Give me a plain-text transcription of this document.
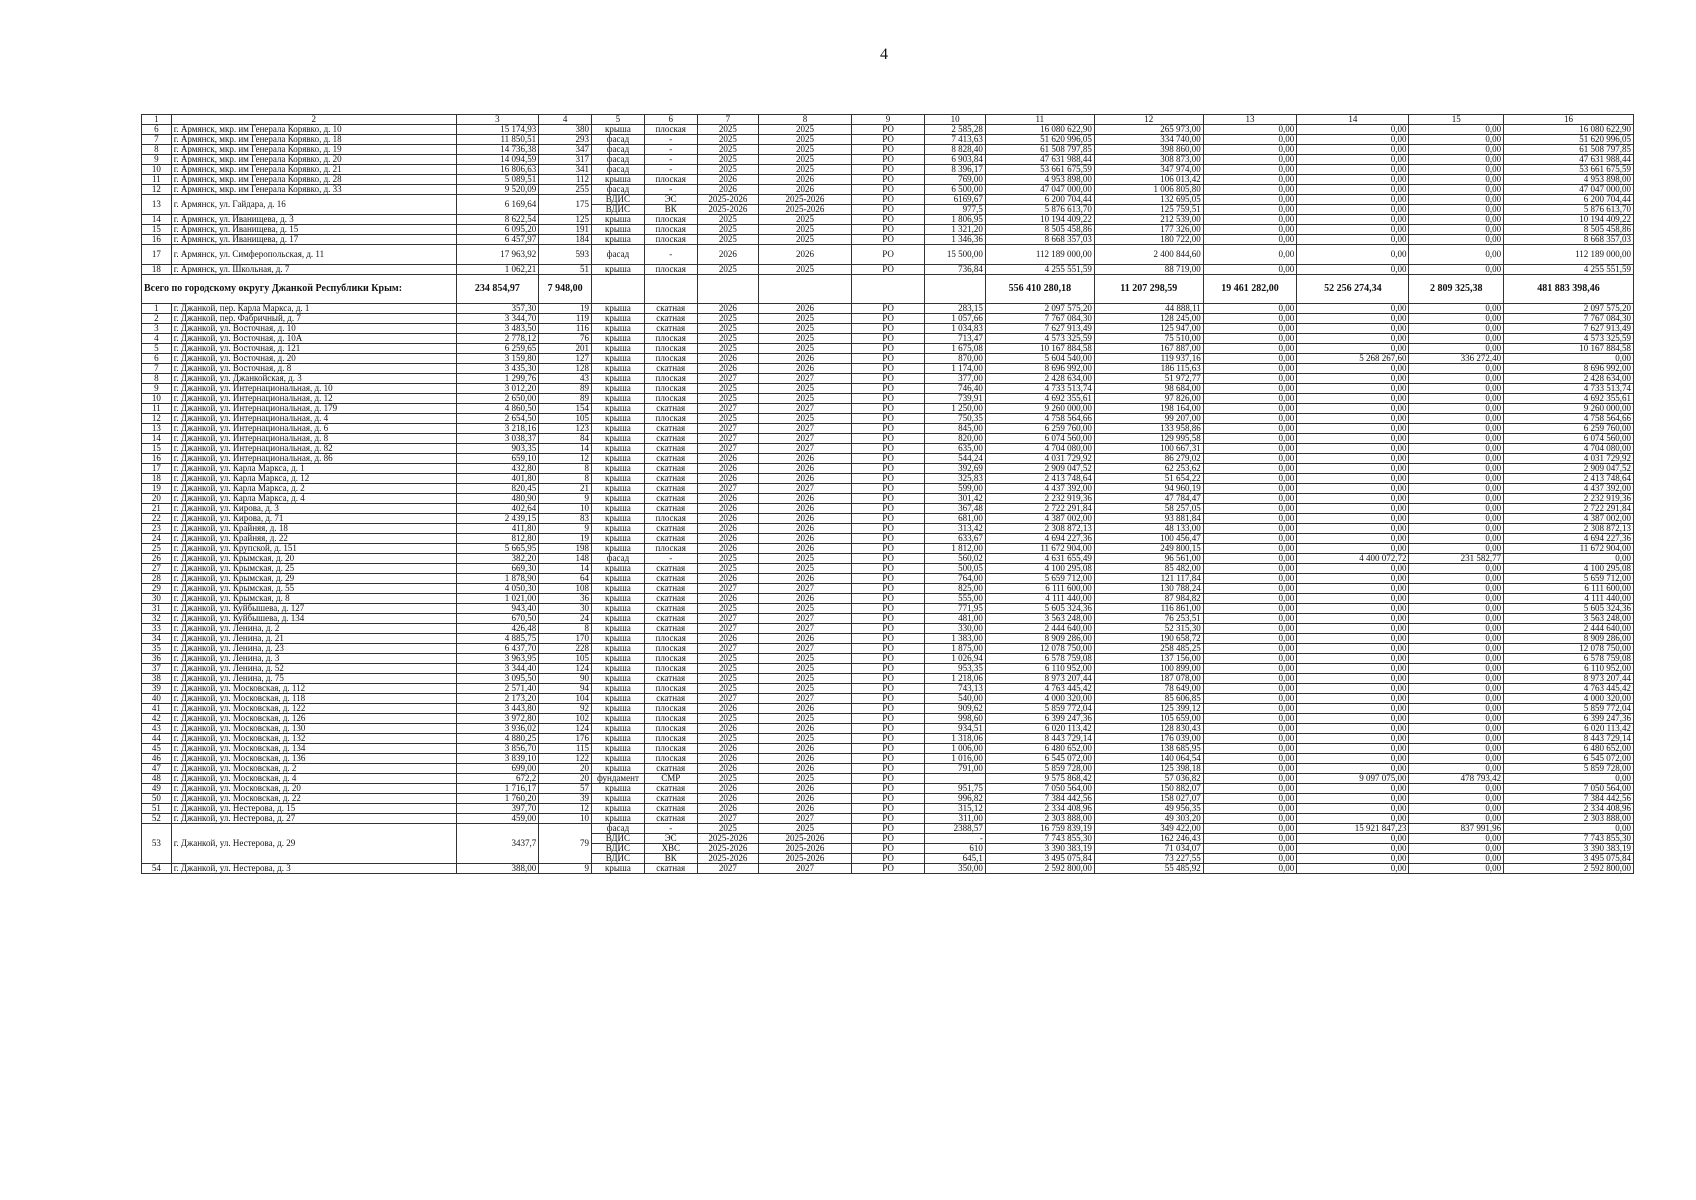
4
1	2	3	4	5	6	7	8	9	10	11	12	13	14	15	16
6	г. Армянск, мкр. им Генерала Корявко, д. 10	15 174,93	380	крыша	плоская	2025	2025	РО	2 585,28	16 080 622,90	265 973,00	0,00	0,00	0,00	16 080 622,90
7	г. Армянск, мкр. им Генерала Корявко, д. 18	11 850,51	293	фасад	-	2025	2025	РО	7 413,63	51 620 996,05	334 740,00	0,00	0,00	0,00	51 620 996,05
8	г. Армянск, мкр. им Генерала Корявко, д. 19	14 736,38	347	фасад	-	2025	2025	РО	8 828,40	61 508 797,85	398 860,00	0,00	0,00	0,00	61 508 797,85
9	г. Армянск, мкр. им Генерала Корявко, д. 20	14 094,59	317	фасад	-	2025	2025	РО	6 903,84	47 631 988,44	308 873,00	0,00	0,00	0,00	47 631 988,44
10	г. Армянск, мкр. им Генерала Корявко, д. 21	16 806,63	341	фасад	-	2025	2025	РО	8 396,17	53 661 675,59	347 974,00	0,00	0,00	0,00	53 661 675,59
11	г. Армянск, мкр. им Генерала Корявко, д. 28	5 089,51	112	крыша	плоская	2026	2026	РО	769,00	4 953 898,00	106 013,42	0,00	0,00	0,00	4 953 898,00
12	г. Армянск, мкр. им Генерала Корявко, д. 33	9 520,09	255	фасад	-	2026	2026	РО	6 500,00	47 047 000,00	1 006 805,80	0,00	0,00	0,00	47 047 000,00
13	г. Армянск, ул. Гайдара, д. 16	6 169,64	175	ВДИС	ЭС	2025-2026	2025-2026	РО	6169,67	6 200 704,44	132 695,05	0,00	0,00	0,00	6 200 704,44
				ВДИС	ВК	2025-2026	2025-2026	РО	977,5	5 876 613,70	125 759,51	0,00	0,00	0,00	5 876 613,70
14	г. Армянск, ул. Иванищева, д. 3	8 622,54	125	крыша	плоская	2025	2025	РО	1 806,95	10 194 409,22	212 539,00	0,00	0,00	0,00	10 194 409,22
15	г. Армянск, ул. Иванищева, д. 15	6 095,20	191	крыша	плоская	2025	2025	РО	1 321,20	8 505 458,86	177 326,00	0,00	0,00	0,00	8 505 458,86
16	г. Армянск, ул. Иванищева, д. 17	6 457,97	184	крыша	плоская	2025	2025	РО	1 346,36	8 668 357,03	180 722,00	0,00	0,00	0,00	8 668 357,03
17	г. Армянск, ул. Симферопольская, д. 11	17 963,92	593	фасад	-	2026	2026	РО	15 500,00	112 189 000,00	2 400 844,60	0,00	0,00	0,00	112 189 000,00
18	г. Армянск, ул. Школьная, д. 7	1 062,21	51	крыша	плоская	2025	2025	РО	736,84	4 255 551,59	88 719,00	0,00	0,00	0,00	4 255 551,59
Всего по городскому округу Джанкой Республики Крым:		234 854,97	7 948,00							556 410 280,18	11 207 298,59	19 461 282,00	52 256 274,34	2 809 325,38	481 883 398,46
1	г. Джанкой, пер. Карла Маркса, д. 1	357,30	19	крыша	скатная	2026	2026	РО	283,15	2 097 575,20	44 888,11	0,00	0,00	0,00	2 097 575,20
2	г. Джанкой, пер. Фабричный, д. 7	3 344,70	119	крыша	скатная	2025	2025	РО	1 057,66	7 767 084,30	128 245,00	0,00	0,00	0,00	7 767 084,30
3	г. Джанкой, ул. Восточная, д. 10	3 483,50	116	крыша	скатная	2025	2025	РО	1 034,83	7 627 913,49	125 947,00	0,00	0,00	0,00	7 627 913,49
4	г. Джанкой, ул. Восточная, д. 10А	2 778,12	76	крыша	плоская	2025	2025	РО	713,47	4 573 325,59	75 510,00	0,00	0,00	0,00	4 573 325,59
5	г. Джанкой, ул. Восточная, д. 121	6 259,65	201	крыша	плоская	2025	2025	РО	1 675,08	10 167 884,58	167 887,00	0,00	0,00	0,00	10 167 884,58
6	г. Джанкой, ул. Восточная, д. 20	3 159,80	127	крыша	плоская	2026	2026	РО	870,00	5 604 540,00	119 937,16	0,00	5 268 267,60	336 272,40	0,00
7	г. Джанкой, ул. Восточная, д. 8	3 435,30	128	крыша	скатная	2026	2026	РО	1 174,00	8 696 992,00	186 115,63	0,00	0,00	0,00	8 696 992,00
8	г. Джанкой, ул. Джанкойская, д. 3	1 299,76	43	крыша	плоская	2027	2027	РО	377,00	2 428 634,00	51 972,77	0,00	0,00	0,00	2 428 634,00
9	г. Джанкой, ул. Интернациональная, д. 10	3 012,20	89	крыша	плоская	2025	2025	РО	746,40	4 733 513,74	98 684,00	0,00	0,00	0,00	4 733 513,74
10	г. Джанкой, ул. Интернациональная, д. 12	2 650,00	89	крыша	плоская	2025	2025	РО	739,91	4 692 355,61	97 826,00	0,00	0,00	0,00	4 692 355,61
11	г. Джанкой, ул. Интернациональная, д. 179	4 860,50	154	крыша	скатная	2027	2027	РО	1 250,00	9 260 000,00	198 164,00	0,00	0,00	0,00	9 260 000,00
12	г. Джанкой, ул. Интернациональная, д. 4	2 654,50	105	крыша	плоская	2025	2025	РО	750,35	4 758 564,66	99 207,00	0,00	0,00	0,00	4 758 564,66
13	г. Джанкой, ул. Интернациональная, д. 6	3 218,16	123	крыша	скатная	2027	2027	РО	845,00	6 259 760,00	133 958,86	0,00	0,00	0,00	6 259 760,00
14	г. Джанкой, ул. Интернациональная, д. 8	3 038,37	84	крыша	скатная	2027	2027	РО	820,00	6 074 560,00	129 995,58	0,00	0,00	0,00	6 074 560,00
15	г. Джанкой, ул. Интернациональная, д. 82	903,35	14	крыша	скатная	2027	2027	РО	635,00	4 704 080,00	100 667,31	0,00	0,00	0,00	4 704 080,00
16	г. Джанкой, ул. Интернациональная, д. 86	659,10	12	крыша	скатная	2026	2026	РО	544,24	4 031 729,92	86 279,02	0,00	0,00	0,00	4 031 729,92
17	г. Джанкой, ул. Карла Маркса, д. 1	432,80	8	крыша	скатная	2026	2026	РО	392,69	2 909 047,52	62 253,62	0,00	0,00	0,00	2 909 047,52
18	г. Джанкой, ул. Карла Маркса, д. 12	401,80	8	крыша	скатная	2026	2026	РО	325,83	2 413 748,64	51 654,22	0,00	0,00	0,00	2 413 748,64
19	г. Джанкой, ул. Карла Маркса, д. 2	820,45	21	крыша	скатная	2027	2027	РО	599,00	4 437 392,00	94 960,19	0,00	0,00	0,00	4 437 392,00
20	г. Джанкой, ул. Карла Маркса, д. 4	480,90	9	крыша	скатная	2026	2026	РО	301,42	2 232 919,36	47 784,47	0,00	0,00	0,00	2 232 919,36
21	г. Джанкой, ул. Кирова, д. 3	402,64	10	крыша	скатная	2026	2026	РО	367,48	2 722 291,84	58 257,05	0,00	0,00	0,00	2 722 291,84
22	г. Джанкой, ул. Кирова, д. 71	2 439,15	83	крыша	плоская	2026	2026	РО	681,00	4 387 002,00	93 881,84	0,00	0,00	0,00	4 387 002,00
23	г. Джанкой, ул. Крайняя, д. 18	411,80	9	крыша	скатная	2026	2026	РО	313,42	2 308 872,13	48 133,00	0,00	0,00	0,00	2 308 872,13
24	г. Джанкой, ул. Крайняя, д. 22	812,80	19	крыша	скатная	2026	2026	РО	633,67	4 694 227,36	100 456,47	0,00	0,00	0,00	4 694 227,36
25	г. Джанкой, ул. Крупской, д. 151	5 665,95	198	крыша	плоская	2026	2026	РО	1 812,00	11 672 904,00	249 800,15	0,00	0,00	0,00	11 672 904,00
26	г. Джанкой, ул. Крымская, д. 20	382,20	148	фасад	-	2025	2025	РО	560,02	4 631 655,49	96 561,00	0,00	4 400 072,72	231 582,77	0,00
27	г. Джанкой, ул. Крымская, д. 25	669,30	14	крыша	скатная	2025	2025	РО	500,05	4 100 295,08	85 482,00	0,00	0,00	0,00	4 100 295,08
28	г. Джанкой, ул. Крымская, д. 29	1 878,90	64	крыша	скатная	2026	2026	РО	764,00	5 659 712,00	121 117,84	0,00	0,00	0,00	5 659 712,00
29	г. Джанкой, ул. Крымская, д. 55	4 050,30	108	крыша	скатная	2027	2027	РО	825,00	6 111 600,00	130 788,24	0,00	0,00	0,00	6 111 600,00
30	г. Джанкой, ул. Крымская, д. 8	1 021,00	36	крыша	скатная	2026	2026	РО	555,00	4 111 440,00	87 984,82	0,00	0,00	0,00	4 111 440,00
31	г. Джанкой, ул. Куйбышева, д. 127	943,40	30	крыша	скатная	2025	2025	РО	771,95	5 605 324,36	116 861,00	0,00	0,00	0,00	5 605 324,36
32	г. Джанкой, ул. Куйбышева, д. 134	670,50	24	крыша	скатная	2027	2027	РО	481,00	3 563 248,00	76 253,51	0,00	0,00	0,00	3 563 248,00
33	г. Джанкой, ул. Ленина, д. 2	426,48	8	крыша	скатная	2027	2027	РО	330,00	2 444 640,00	52 315,30	0,00	0,00	0,00	2 444 640,00
34	г. Джанкой, ул. Ленина, д. 21	4 885,75	170	крыша	плоская	2026	2026	РО	1 383,00	8 909 286,00	190 658,72	0,00	0,00	0,00	8 909 286,00
35	г. Джанкой, ул. Ленина, д. 23	6 437,70	228	крыша	плоская	2027	2027	РО	1 875,00	12 078 750,00	258 485,25	0,00	0,00	0,00	12 078 750,00
36	г. Джанкой, ул. Ленина, д. 3	3 963,95	105	крыша	плоская	2025	2025	РО	1 026,94	6 578 759,08	137 156,00	0,00	0,00	0,00	6 578 759,08
37	г. Джанкой, ул. Ленина, д. 52	3 344,40	124	крыша	плоская	2025	2025	РО	953,35	6 110 952,00	100 899,00	0,00	0,00	0,00	6 110 952,00
38	г. Джанкой, ул. Ленина, д. 75	3 095,50	90	крыша	скатная	2025	2025	РО	1 218,06	8 973 207,44	187 078,00	0,00	0,00	0,00	8 973 207,44
39	г. Джанкой, ул. Московская, д. 112	2 571,40	94	крыша	плоская	2025	2025	РО	743,13	4 763 445,42	78 649,00	0,00	0,00	0,00	4 763 445,42
40	г. Джанкой, ул. Московская, д. 118	2 173,20	104	крыша	скатная	2027	2027	РО	540,00	4 000 320,00	85 606,85	0,00	0,00	0,00	4 000 320,00
41	г. Джанкой, ул. Московская, д. 122	3 443,80	92	крыша	плоская	2026	2026	РО	909,62	5 859 772,04	125 399,12	0,00	0,00	0,00	5 859 772,04
42	г. Джанкой, ул. Московская, д. 126	3 972,80	102	крыша	плоская	2025	2025	РО	998,60	6 399 247,36	105 659,00	0,00	0,00	0,00	6 399 247,36
43	г. Джанкой, ул. Московская, д. 130	3 936,02	124	крыша	плоская	2026	2026	РО	934,51	6 020 113,42	128 830,43	0,00	0,00	0,00	6 020 113,42
44	г. Джанкой, ул. Московская, д. 132	4 880,25	176	крыша	плоская	2025	2025	РО	1 318,06	8 443 729,14	176 039,00	0,00	0,00	0,00	8 443 729,14
45	г. Джанкой, ул. Московская, д. 134	3 856,70	115	крыша	плоская	2026	2026	РО	1 006,00	6 480 652,00	138 685,95	0,00	0,00	0,00	6 480 652,00
46	г. Джанкой, ул. Московская, д. 136	3 839,10	122	крыша	плоская	2026	2026	РО	1 016,00	6 545 072,00	140 064,54	0,00	0,00	0,00	6 545 072,00
47	г. Джанкой, ул. Московская, д. 2	699,00	20	крыша	скатная	2026	2026	РО	791,00	5 859 728,00	125 398,18	0,00	0,00	0,00	5 859 728,00
48	г. Джанкой, ул. Московская, д. 4	672,2	20	фундамент	СМР	2025	2025	РО		9 575 868,42	57 036,82	0,00	9 097 075,00	478 793,42	0,00
49	г. Джанкой, ул. Московская, д. 20	1 716,17	57	крыша	скатная	2026	2026	РО	951,75	7 050 564,00	150 882,07	0,00	0,00	0,00	7 050 564,00
50	г. Джанкой, ул. Московская, д. 22	1 760,20	39	крыша	скатная	2026	2026	РО	996,82	7 384 442,56	158 027,07	0,00	0,00	0,00	7 384 442,56
51	г. Джанкой, ул. Нестерова, д. 15	397,70	12	крыша	скатная	2026	2026	РО	315,12	2 334 408,96	49 956,35	0,00	0,00	0,00	2 334 408,96
52	г. Джанкой, ул. Нестерова, д. 27	459,00	10	крыша	скатная	2027	2027	РО	311,00	2 303 888,00	49 303,20	0,00	0,00	0,00	2 303 888,00
53	г. Джанкой, ул. Нестерова, д. 29	3437,7	79	фасад	-	2025	2025	РО	2388,57	16 759 839,19	349 422,00	0,00	15 921 847,23	837 991,96	0,00
				ВДИС	ЭС	2025-2026	2025-2026	РО	-	7 743 855,30	162 246,43	0,00	0,00	0,00	7 743 855,30
				ВДИС	ХВС	2025-2026	2025-2026	РО	610	3 390 383,19	71 034,07	0,00	0,00	0,00	3 390 383,19
				ВДИС	ВК	2025-2026	2025-2026	РО	645,1	3 495 075,84	73 227,55	0,00	0,00	0,00	3 495 075,84
54	г. Джанкой, ул. Нестерова, д. 3	388,00	9	крыша	скатная	2027	2027	РО	350,00	2 592 800,00	55 485,92	0,00	0,00	0,00	2 592 800,00
